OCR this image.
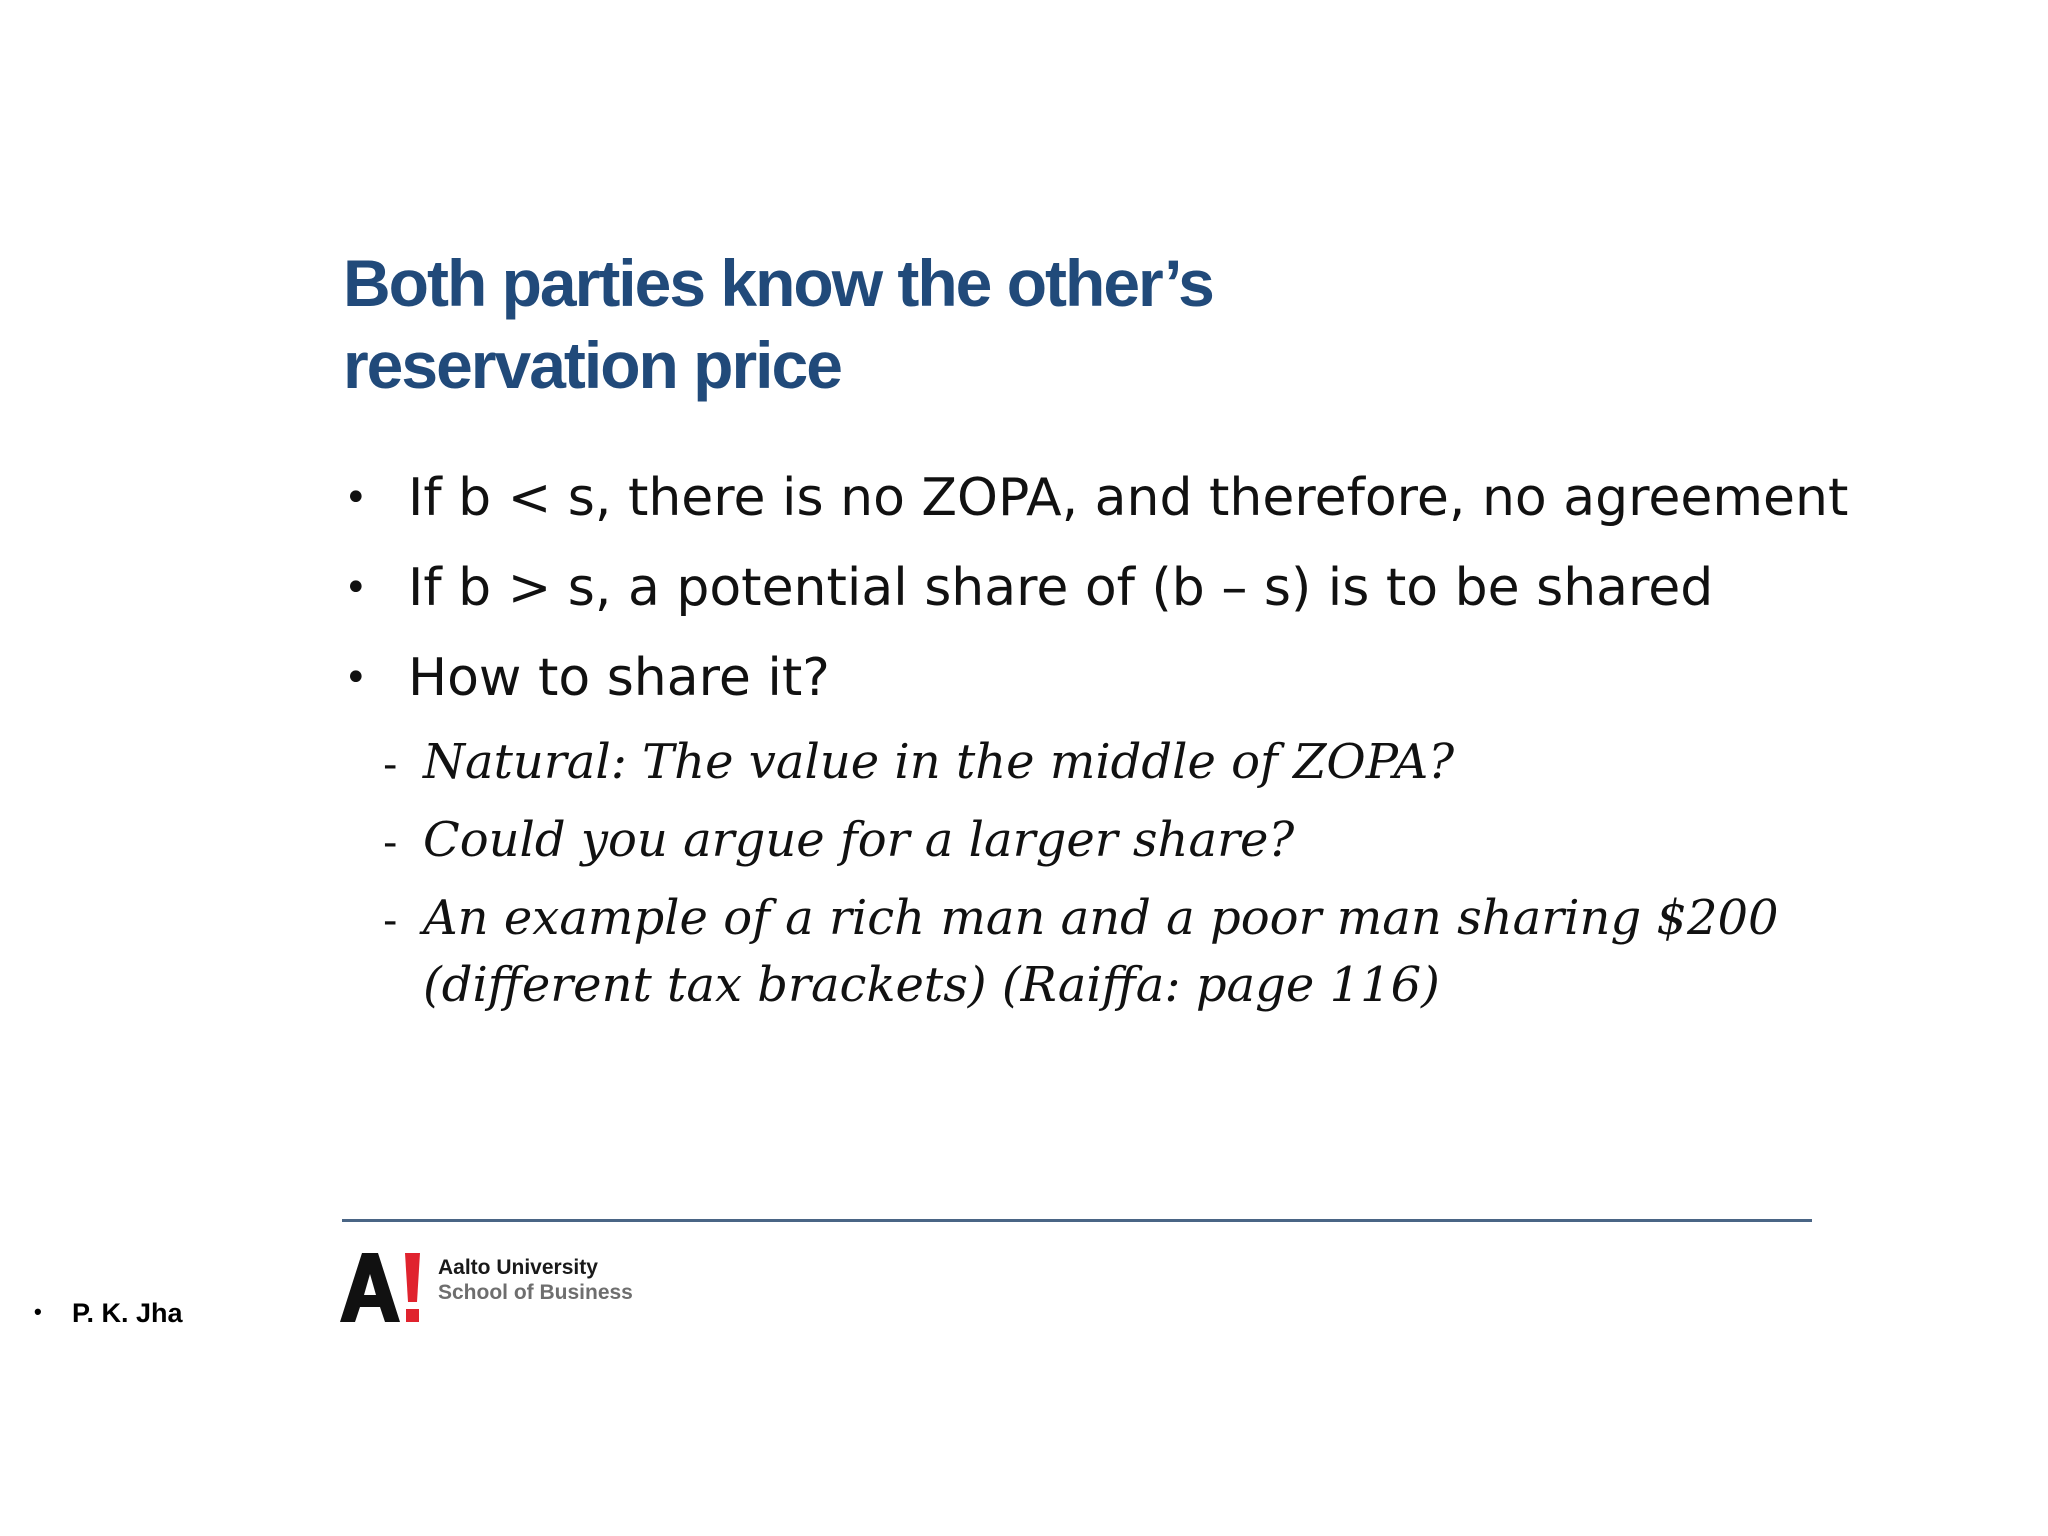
Both parties know the other’s
reservation price
• If b < s, there is no ZOPA, and therefore, no agreement
• If b > s, a potential share of (b – s) is to be shared
• How to share it?
- Natural: The value in the middle of ZOPA?
- Could you argue for a larger share?
- An example of a rich man and a poor man sharing $200
(different tax brackets) (Raiffa: page 116)
Aalto University
School of Business
• P. K. Jha
